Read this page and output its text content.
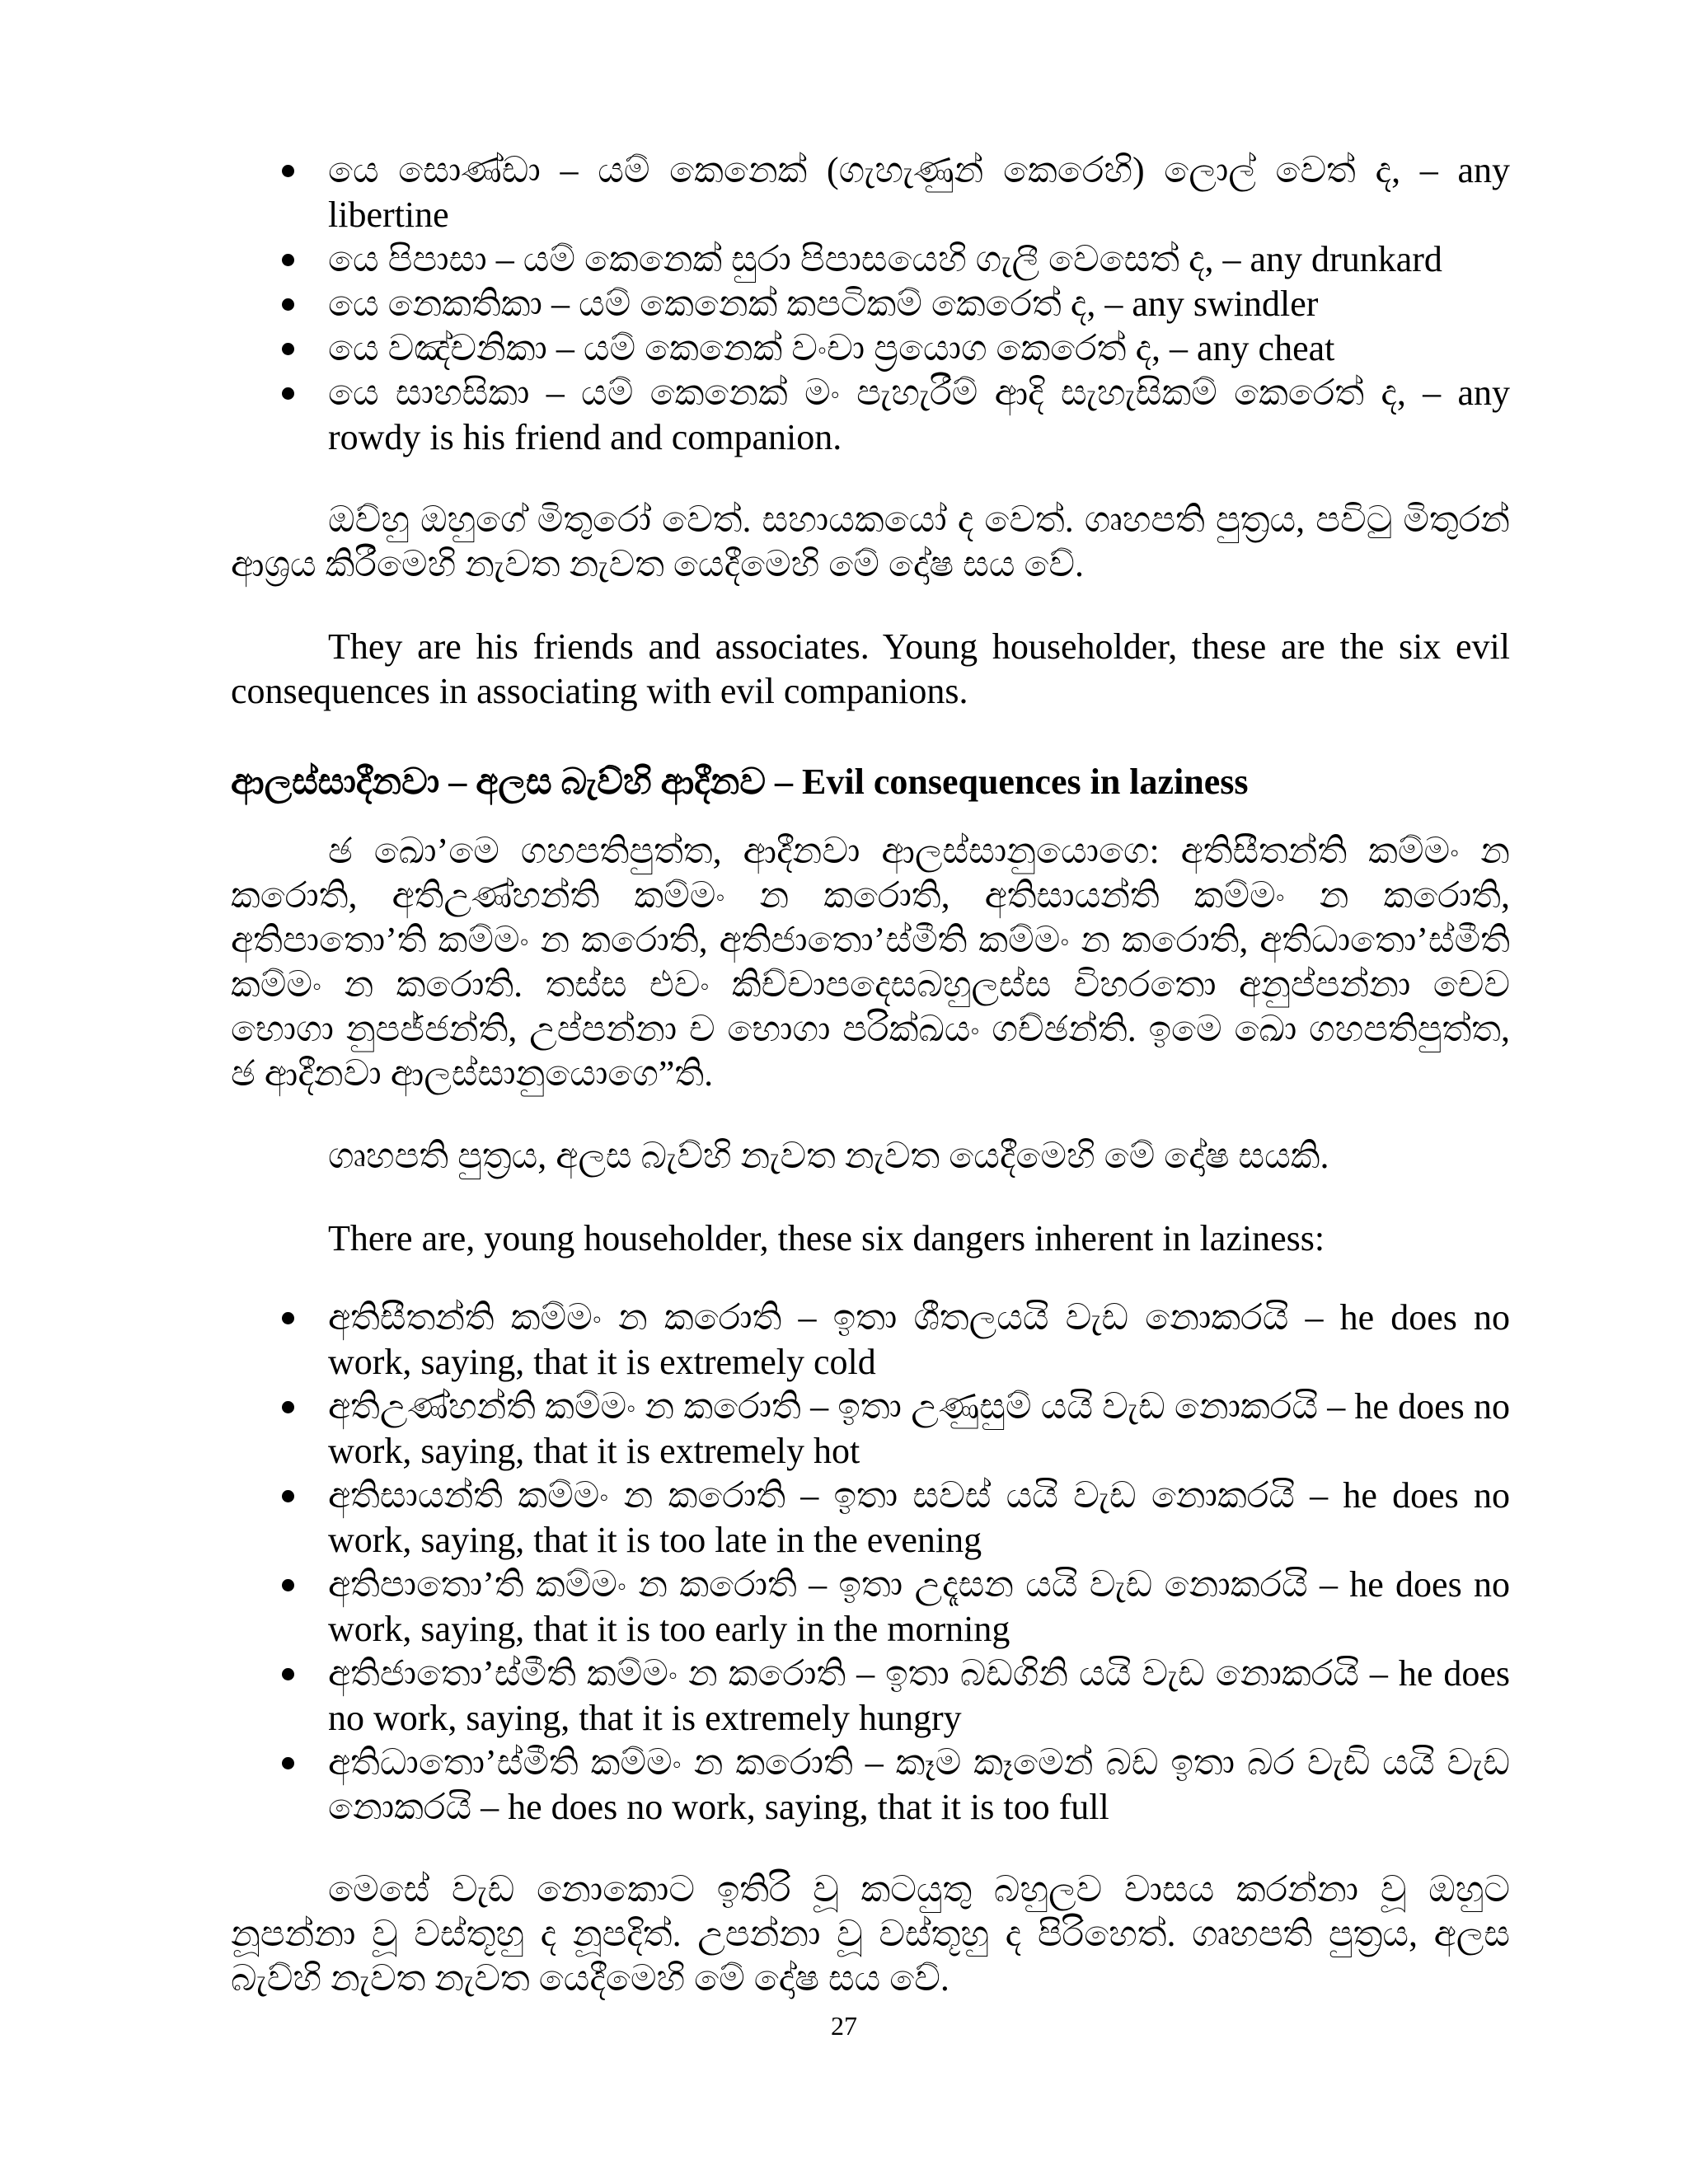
යෙ සොණ්ඩා – යම් කෙනෙක් (ගැහැණුන් කෙරෙහි) ලොල් වෙත් ද, – any libertine
යෙ පිපාසා – යම් කෙනෙක් සුරා පිපාසයෙහි ගැලී වෙසෙත් ද, – any drunkard
යෙ නෙකතිකා – යම් කෙනෙක් කපටිකම් කෙරෙත් ද, – any swindler
යෙ වඤ්චනිකා – යම් කෙනෙක් වංචා ප්‍රයොග කෙරෙත් ද, – any cheat
යෙ සාහසිකා – යම් කෙනෙක් මං පැහැරීම් ආදි සැහැසිකම් කෙරෙත් ද, – any rowdy is his friend and companion.

ඔව්හු ඔහුගේ මිතුරෝ වෙත්. සහායකයෝ ද වෙත්. ගෘහපති පුත්‍රය, පවිටු මිතුරන් ආශ්‍රය කිරීමෙහි නැවත නැවත යෙදීමෙහි මේ දෝෂ සය වේ.

They are his friends and associates. Young householder, these are the six evil consequences in associating with evil companions.

ආලස්සාදීනවා – අලස බැව්හි ආදීනව – Evil consequences in laziness

ඡ ඛො’මෙ ගහපතිපුත්ත, ආදීනවා ආලස්සානුයොගෙ: අතිසීතන්ති කම්මං න කරොති, අතිඋණ්හන්ති කම්මං න කරොති, අතිසායන්ති කම්මං න කරොති, අතිපාතො’ති කම්මං න කරොති, අතිජාතො’ස්මීති කම්මං න කරොති, අතිධාතො’ස්මීති කම්මං න කරොති. තස්ස එවං කිච්චාපදෙසබහුලස්ස විහරතො අනුප්පන්නා චෙව භොගා නුපජ්ජන්ති, උප්පන්නා ච භොගා පරික්ඛයං ගච්ඡන්ති. ඉමෙ ඛො ගහපතිපුත්ත, ඡ ආදීනවා ආලස්සානුයොගෙ”ති.

ගෘහපති පුත්‍රය, අලස බැව්හි නැවත නැවත යෙදීමෙහි මේ දෝෂ සයකි.

There are, young householder, these six dangers inherent in laziness:

අතිසීතන්ති කම්මං න කරොති – ඉතා ශීතලයයි වැඩ නොකරයි – he does no work, saying, that it is extremely cold
අතිඋණ්හන්ති කම්මං න කරොති – ඉතා උණුසුම් යයි වැඩ නොකරයි – he does no work, saying, that it is extremely hot
අතිසායන්ති කම්මං න කරොති – ඉතා සවස් යයි වැඩ නොකරයි – he does no work, saying, that it is too late in the evening
අතිපාතො’ති කම්මං න කරොති – ඉතා උදෑසන යයි වැඩ නොකරයි – he does no work, saying, that it is too early in the morning
අතිජාතො’ස්මීති කම්මං න කරොති – ඉතා බඩගිනි යයි වැඩ නොකරයි – he does no work, saying, that it is extremely hungry
අතිධාතො’ස්මීති කම්මං න කරොති – කෑම කෑමෙන් බඩ ඉතා බර වැඩි යයි වැඩ නොකරයි – he does no work, saying, that it is too full

මෙසේ වැඩ නොකොට ඉතිරි වූ කටයුතු බහුලව වාසය කරන්නා වූ ඔහුට නූපන්නා වූ වස්තූහු ද නූපදිත්. උපන්නා වූ වස්තූහු ද පිරිහෙත්. ගෘහපති පුත්‍රය, අලස බැව්හි නැවත නැවත යෙදීමෙහි මේ දෝෂ සය වේ.

27
